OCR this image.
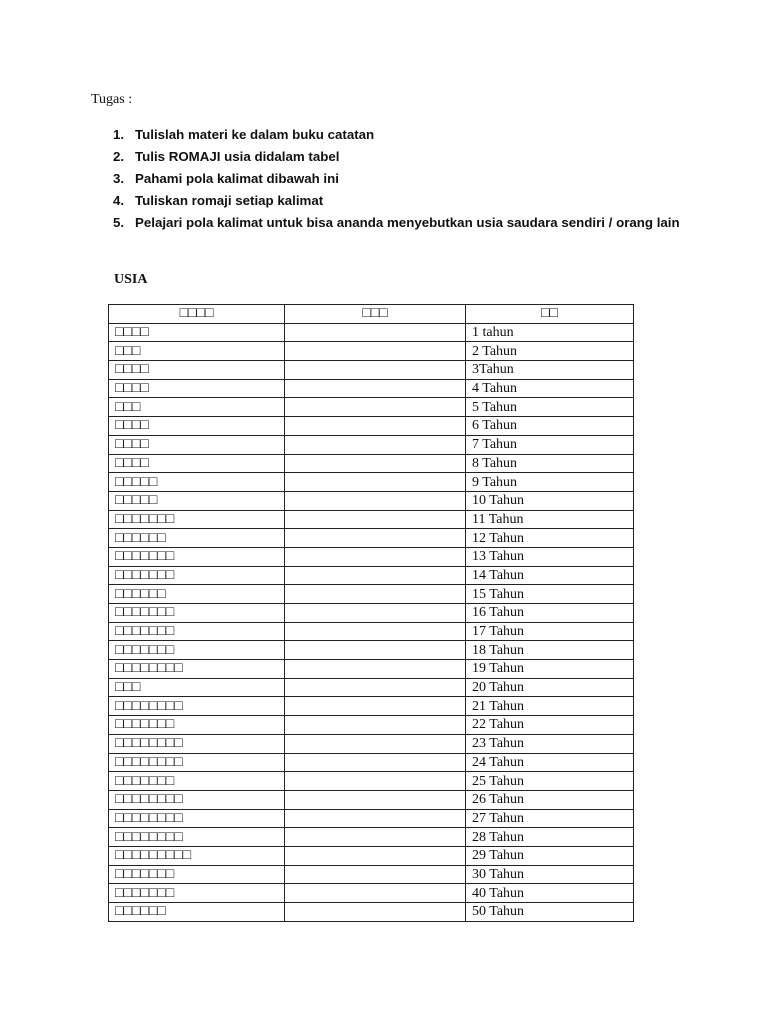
Tugas :
1. Tulislah materi ke dalam buku catatan
2. Tulis ROMAJI usia didalam tabel
3. Pahami pola kalimat dibawah ini
4. Tuliskan romaji setiap kalimat
5. Pelajari pola kalimat untuk bisa ananda menyebutkan usia saudara sendiri / orang lain
USIA
□□□□	□□□	□□
□□□□		1 tahun
□□□		2 Tahun
□□□□		3Tahun
□□□□		4 Tahun
□□□		5 Tahun
□□□□		6 Tahun
□□□□		7 Tahun
□□□□		8 Tahun
□□□□□		9 Tahun
□□□□□		10 Tahun
□□□□□□□		11 Tahun
□□□□□□		12 Tahun
□□□□□□□		13 Tahun
□□□□□□□		14 Tahun
□□□□□□		15 Tahun
□□□□□□□		16 Tahun
□□□□□□□		17 Tahun
□□□□□□□		18 Tahun
□□□□□□□□		19 Tahun
□□□		20 Tahun
□□□□□□□□		21 Tahun
□□□□□□□		22 Tahun
□□□□□□□□		23 Tahun
□□□□□□□□		24 Tahun
□□□□□□□		25 Tahun
□□□□□□□□		26 Tahun
□□□□□□□□		27 Tahun
□□□□□□□□		28 Tahun
□□□□□□□□□		29 Tahun
□□□□□□□		30 Tahun
□□□□□□□		40 Tahun
□□□□□□		50 Tahun
